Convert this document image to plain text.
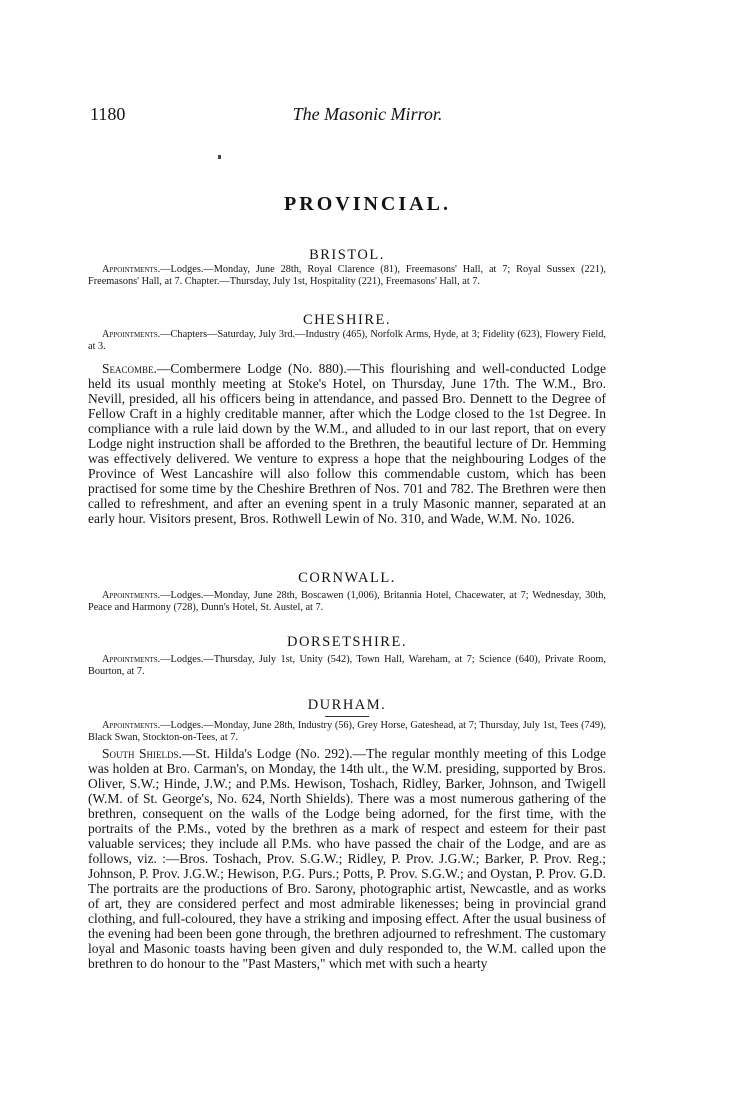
1180	The Masonic Mirror.
PROVINCIAL.

BRISTOL.

Appointments.—Lodges.—Monday, June 28th, Royal Clarence (81), Freemasons' Hall, at 7; Royal Sussex (221), Freemasons' Hall, at 7. Chapter.—Thursday, July 1st, Hospitality (221), Freemasons' Hall, at 7.

CHESHIRE.

Appointments.—Chapters—Saturday, July 3rd.—Industry (465), Norfolk Arms, Hyde, at 3; Fidelity (623), Flowery Field, at 3.

Seacombe.—Combermere Lodge (No. 880).—This flourishing and well-conducted Lodge held its usual monthly meeting at Stoke's Hotel, on Thursday, June 17th. The W.M., Bro. Nevill, presided, all his officers being in attendance, and passed Bro. Dennett to the Degree of Fellow Craft in a highly creditable manner, after which the Lodge closed to the 1st Degree. In compliance with a rule laid down by the W.M., and alluded to in our last report, that on every Lodge night instruction shall be afforded to the Brethren, the beautiful lecture of Dr. Hemming was effectively delivered. We venture to express a hope that the neighbouring Lodges of the Province of West Lancashire will also follow this commendable custom, which has been practised for some time by the Cheshire Brethren of Nos. 701 and 782. The Brethren were then called to refreshment, and after an evening spent in a truly Masonic manner, separated at an early hour. Visitors present, Bros. Rothwell Lewin of No. 310, and Wade, W.M. No. 1026.

CORNWALL.

Appointments.—Lodges.—Monday, June 28th, Boscawen (1,006), Britannia Hotel, Chacewater, at 7; Wednesday, 30th, Peace and Harmony (728), Dunn's Hotel, St. Austel, at 7.

DORSETSHIRE.

Appointments.—Lodges.—Thursday, July 1st, Unity (542), Town Hall, Wareham, at 7; Science (640), Private Room, Bourton, at 7.

DURHAM.

Appointments.—Lodges.—Monday, June 28th, Industry (56), Grey Horse, Gateshead, at 7; Thursday, July 1st, Tees (749), Black Swan, Stockton-on-Tees, at 7.

South Shields.—St. Hilda's Lodge (No. 292).—The regular monthly meeting of this Lodge was holden at Bro. Carman's, on Monday, the 14th ult., the W.M. presiding, supported by Bros. Oliver, S.W.; Hinde, J.W.; and P.Ms. Hewison, Toshach, Ridley, Barker, Johnson, and Twigell (W.M. of St. George's, No. 624, North Shields). There was a most numerous gathering of the brethren, consequent on the walls of the Lodge being adorned, for the first time, with the portraits of the P.Ms., voted by the brethren as a mark of respect and esteem for their past valuable services; they include all P.Ms. who have passed the chair of the Lodge, and are as follows, viz. :—Bros. Toshach, Prov. S.G.W.; Ridley, P. Prov. J.G.W.; Barker, P. Prov. Reg.; Johnson, P. Prov. J.G.W.; Hewison, P.G. Purs.; Potts, P. Prov. S.G.W.; and Oystan, P. Prov. G.D. The portraits are the productions of Bro. Sarony, photographic artist, Newcastle, and as works of art, they are considered perfect and most admirable likenesses; being in provincial grand clothing, and full-coloured, they have a striking and imposing effect. After the usual business of the evening had been been gone through, the brethren adjourned to refreshment. The customary loyal and Masonic toasts having been given and duly responded to, the W.M. called upon the brethren to do honour to the "Past Masters," which met with such a hearty
